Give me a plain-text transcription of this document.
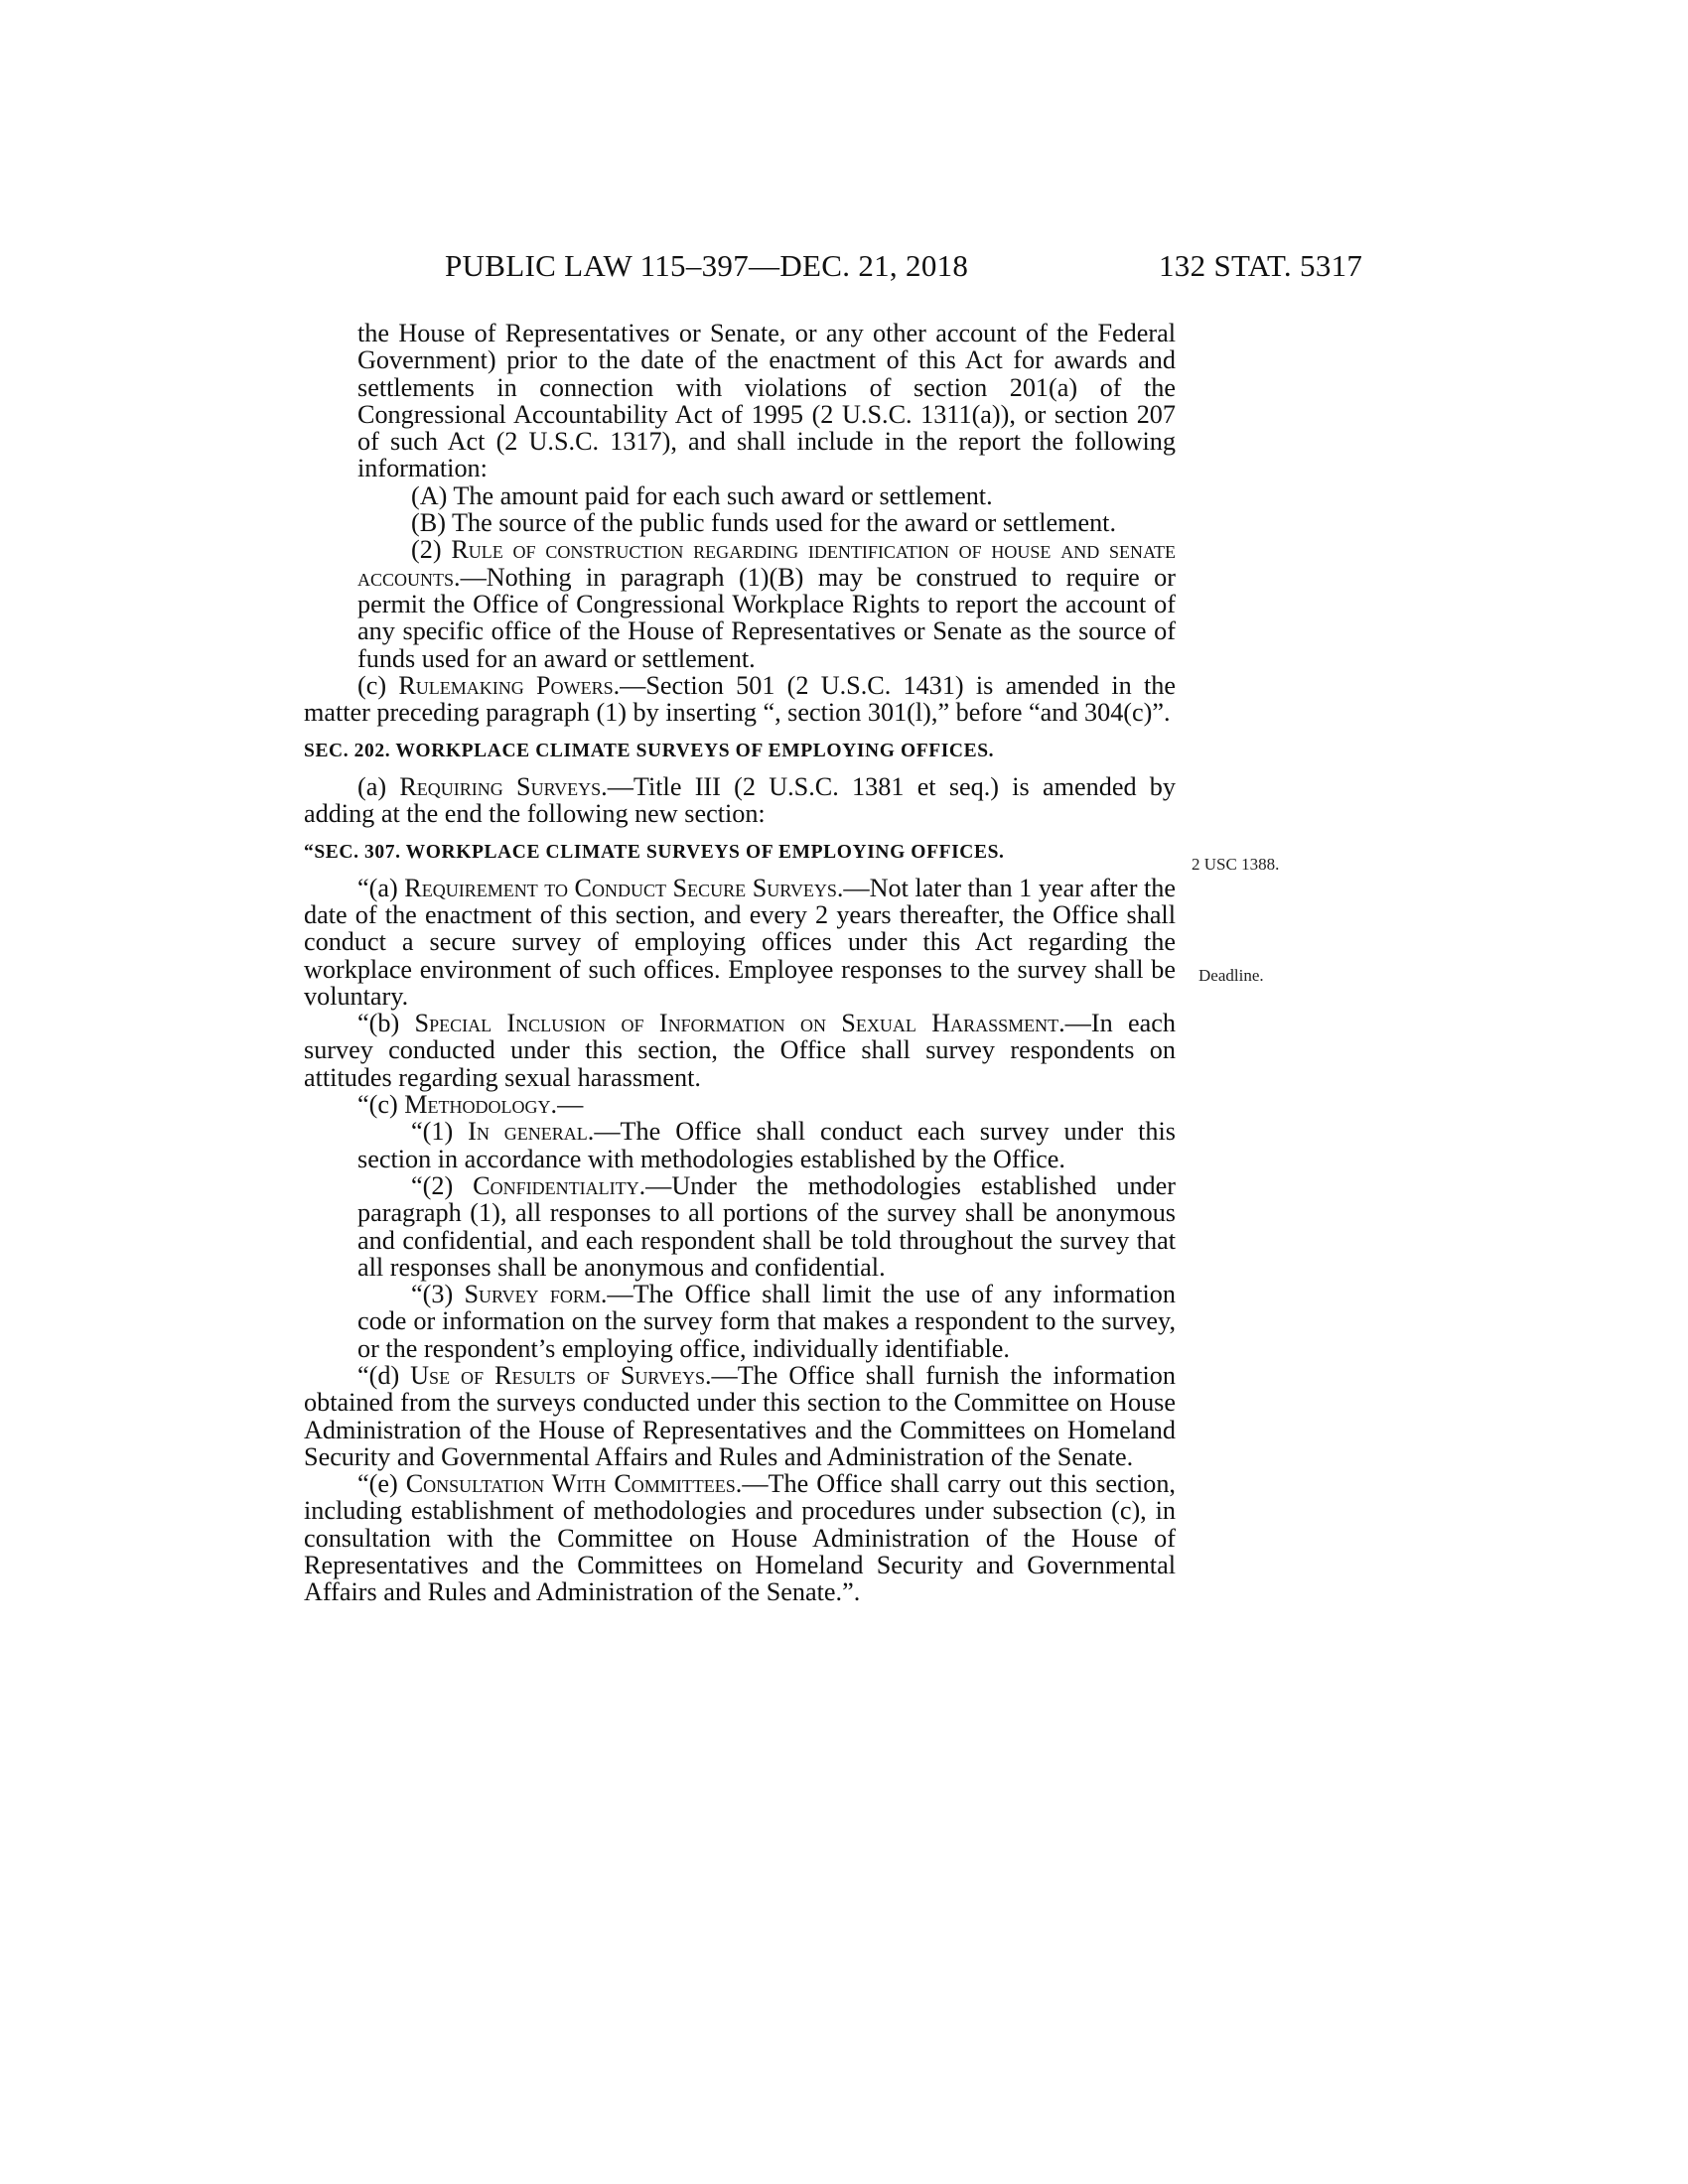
PUBLIC LAW 115–397—DEC. 21, 2018	132 STAT. 5317
2 USC 1388.
Deadline.

the House of Representatives or Senate, or any other account of the Federal Government) prior to the date of the enactment of this Act for awards and settlements in connection with violations of section 201(a) of the Congressional Accountability Act of 1995 (2 U.S.C. 1311(a)), or section 207 of such Act (2 U.S.C. 1317), and shall include in the report the following information:

(A) The amount paid for each such award or settlement.

(B) The source of the public funds used for the award or settlement.

(2) Rule of construction regarding identification of house and senate accounts.—Nothing in paragraph (1)(B) may be construed to require or permit the Office of Congressional Workplace Rights to report the account of any specific office of the House of Representatives or Senate as the source of funds used for an award or settlement.

(c) Rulemaking Powers.—Section 501 (2 U.S.C. 1431) is amended in the matter preceding paragraph (1) by inserting “, section 301(l),” before “and 304(c)”.

SEC. 202. WORKPLACE CLIMATE SURVEYS OF EMPLOYING OFFICES.

(a) Requiring Surveys.—Title III (2 U.S.C. 1381 et seq.) is amended by adding at the end the following new section:

“SEC. 307. WORKPLACE CLIMATE SURVEYS OF EMPLOYING OFFICES.

“(a) Requirement to Conduct Secure Surveys.—Not later than 1 year after the date of the enactment of this section, and every 2 years thereafter, the Office shall conduct a secure survey of employing offices under this Act regarding the workplace environment of such offices. Employee responses to the survey shall be voluntary.

“(b) Special Inclusion of Information on Sexual Harassment.—In each survey conducted under this section, the Office shall survey respondents on attitudes regarding sexual harassment.

“(c) Methodology.—

“(1) In general.—The Office shall conduct each survey under this section in accordance with methodologies established by the Office.

“(2) Confidentiality.—Under the methodologies established under paragraph (1), all responses to all portions of the survey shall be anonymous and confidential, and each respondent shall be told throughout the survey that all responses shall be anonymous and confidential.

“(3) Survey form.—The Office shall limit the use of any information code or information on the survey form that makes a respondent to the survey, or the respondent’s employing office, individually identifiable.

“(d) Use of Results of Surveys.—The Office shall furnish the information obtained from the surveys conducted under this section to the Committee on House Administration of the House of Representatives and the Committees on Homeland Security and Governmental Affairs and Rules and Administration of the Senate.

“(e) Consultation With Committees.—The Office shall carry out this section, including establishment of methodologies and procedures under subsection (c), in consultation with the Committee on House Administration of the House of Representatives and the Committees on Homeland Security and Governmental Affairs and Rules and Administration of the Senate.”.
